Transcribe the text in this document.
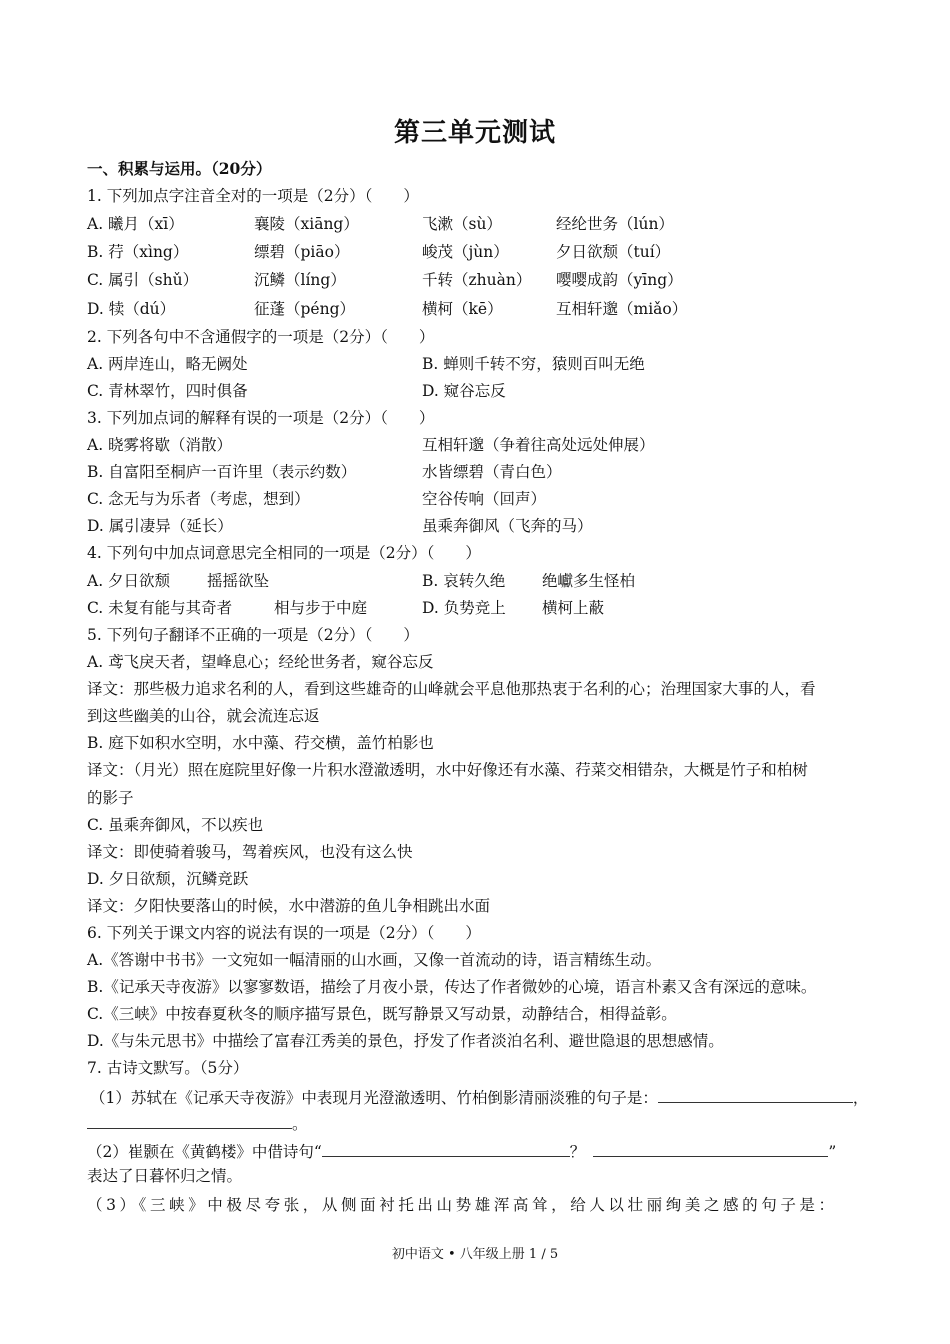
第三单元测试
一、积累与运用。（20分）
1. 下列加点字注音全对的一项是（2分）（　　）
A. 曦月（xī）	襄陵（xiāng）	飞漱（sù）	经纶世务（lún）
B. 荇（xìng）	缥碧（piāo）	峻茂（jùn）	夕日欲颓（tuí）
C. 属引（shǔ）	沉鳞（líng）	千转（zhuàn） 嘤嘤成韵（yīng）
D. 犊（dú）	征蓬（péng）	横柯（kē）	互相轩邈（miǎo）
2. 下列各句中不含通假字的一项是（2分）（　　）
A. 两岸连山，略无阙处	B. 蝉则千转不穷，猿则百叫无绝
C. 青林翠竹，四时俱备	D. 窥谷忘反
3. 下列加点词的解释有误的一项是（2分）（　　）
A. 晓雾将歇（消散）	互相轩邈（争着往高处远处伸展）
B. 自富阳至桐庐一百许里（表示约数）	水皆缥碧（青白色）
C. 念无与为乐者（考虑，想到）	空谷传响（回声）
D. 属引凄异（延长）	虽乘奔御风（飞奔的马）
4. 下列句中加点词意思完全相同的一项是（2分）（　　）
A. 夕日欲颓 摇摇欲坠	B. 哀转久绝 绝巘多生怪柏
C. 未复有能与其奇者	相与步于中庭	D. 负势竞上 横柯上蔽
5. 下列句子翻译不正确的一项是（2分）（　　）
A. 鸢飞戾天者，望峰息心；经纶世务者，窥谷忘反
译文：那些极力追求名利的人，看到这些雄奇的山峰就会平息他那热衷于名利的心；治理国家大事的人，看
到这些幽美的山谷，就会流连忘返
B. 庭下如积水空明，水中藻、荇交横，盖竹柏影也
译文：（月光）照在庭院里好像一片积水澄澈透明，水中好像还有水藻、荇菜交相错杂，大概是竹子和柏树
的影子
C. 虽乘奔御风，不以疾也
译文：即使骑着骏马，驾着疾风，也没有这么快
D. 夕日欲颓，沉鳞竞跃
译文：夕阳快要落山的时候，水中潜游的鱼儿争相跳出水面
6. 下列关于课文内容的说法有误的一项是（2分）（　　）
A.《答谢中书书》一文宛如一幅清丽的山水画，又像一首流动的诗，语言精练生动。
B.《记承天寺夜游》以寥寥数语，描绘了月夜小景，传达了作者微妙的心境，语言朴素又含有深远的意味。
C.《三峡》中按春夏秋冬的顺序描写景色，既写静景又写动景，动静结合，相得益彰。
D.《与朱元思书》中描绘了富春江秀美的景色，抒发了作者淡泊名利、避世隐退的思想感情。
7. 古诗文默写。（5分）
（1）苏轼在《记承天寺夜游》中表现月光澄澈透明、竹柏倒影清丽淡雅的句子是：	，
。
（2）崔颢在《黄鹤楼》中借诗句“	？	”
表达了日暮怀归之情。
（3）《三峡》中极尽夸张，从侧面衬托出山势雄浑高耸，给人以壮丽绚美之感的句子是：
初中语文 • 八年级上册 1 / 5
